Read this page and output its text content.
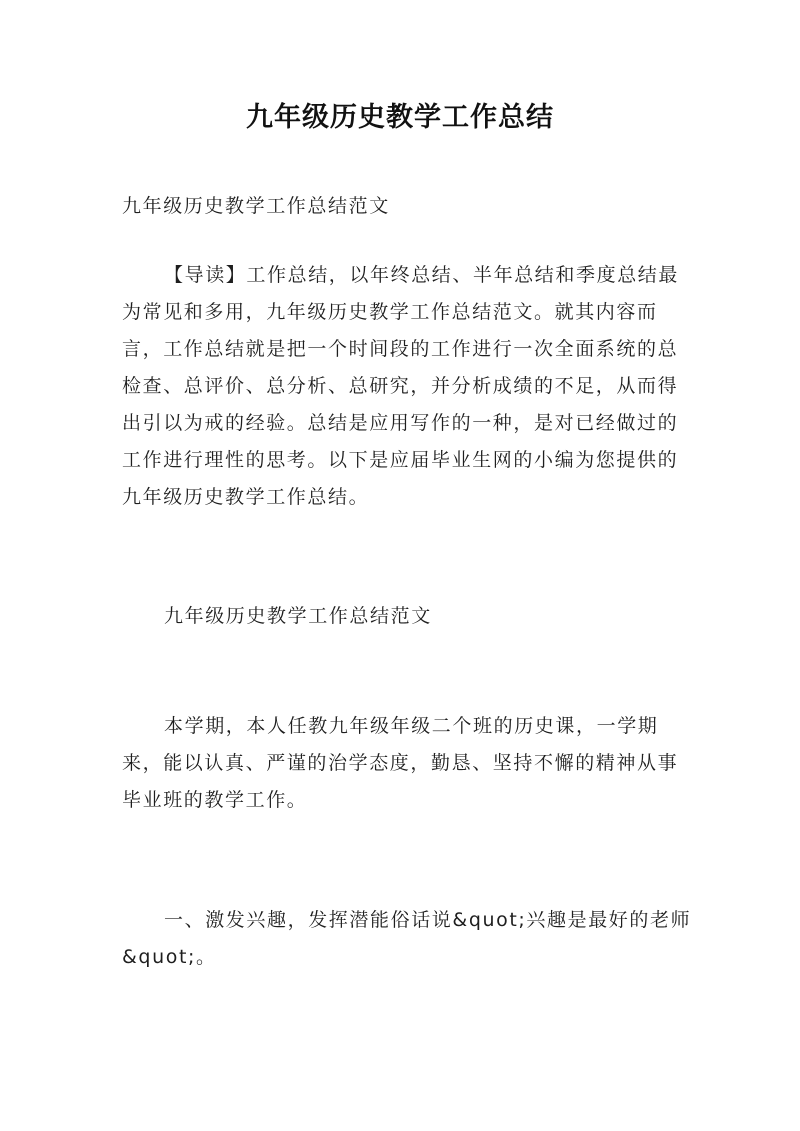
九年级历史教学工作总结

九年级历史教学工作总结范文

【导读】工作总结，以年终总结、半年总结和季度总结最为常见和多用，九年级历史教学工作总结范文。就其内容而言，工作总结就是把一个时间段的工作进行一次全面系统的总检查、总评价、总分析、总研究，并分析成绩的不足，从而得出引以为戒的经验。总结是应用写作的一种，是对已经做过的工作进行理性的思考。以下是应届毕业生网的小编为您提供的九年级历史教学工作总结。

九年级历史教学工作总结范文

本学期，本人任教九年级年级二个班的历史课，一学期来，能以认真、严谨的治学态度，勤恳、坚持不懈的精神从事毕业班的教学工作。

一、激发兴趣，发挥潜能俗话说&quot;兴趣是最好的老师&quot;。
